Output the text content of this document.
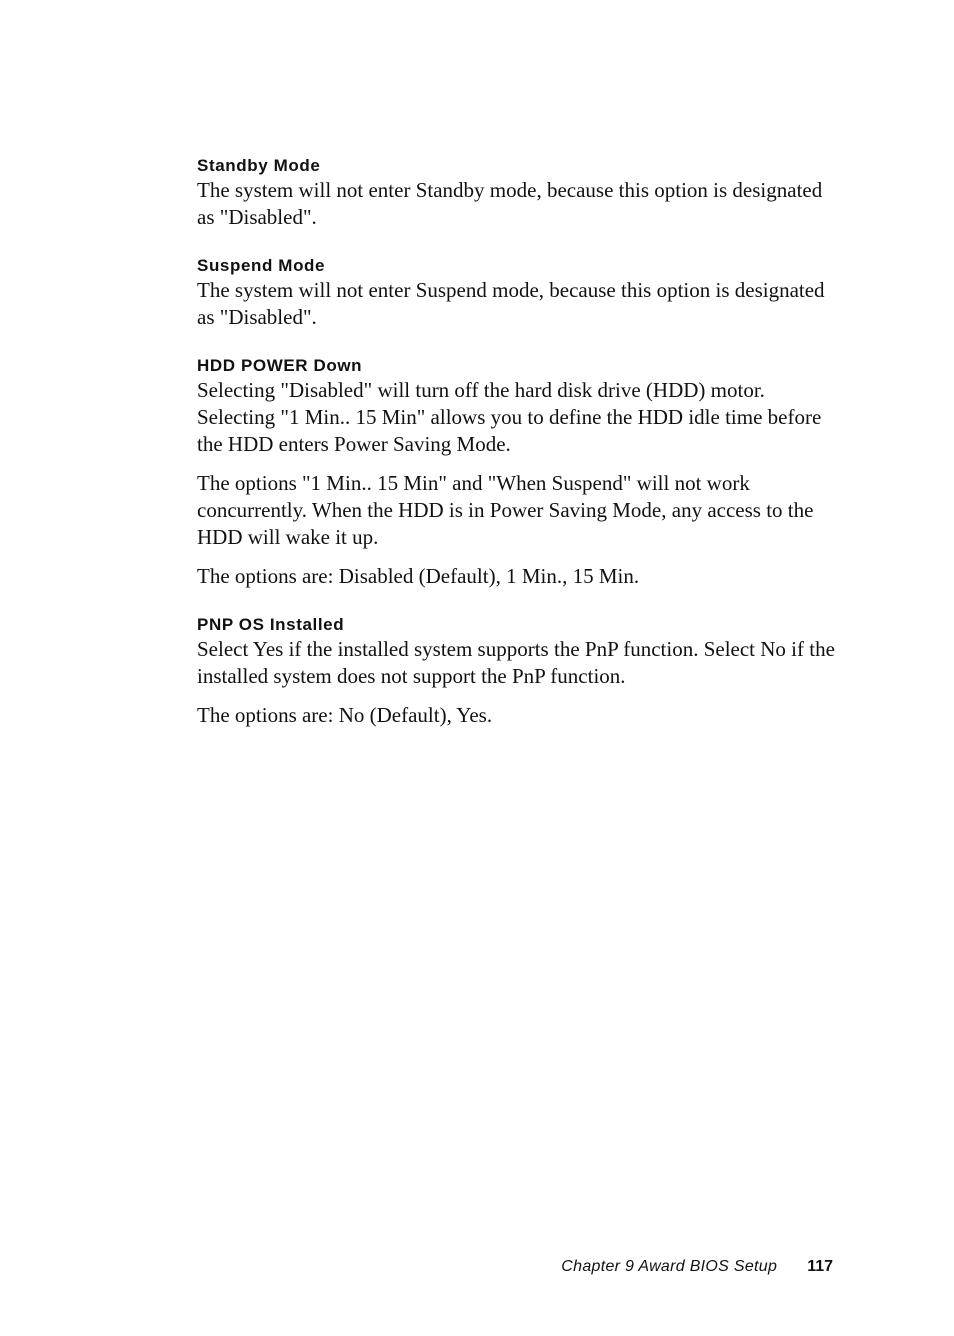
Standby Mode

The system will not enter Standby mode, because this option is designated as "Disabled".

Suspend Mode

The system will not enter Suspend mode, because this option is designated as "Disabled".

HDD POWER Down

Selecting "Disabled" will turn off the hard disk drive (HDD) motor. Selecting "1 Min.. 15 Min" allows you to define the HDD idle time before the HDD enters Power Saving Mode.

The options "1 Min.. 15 Min" and "When Suspend" will not work concurrently. When the HDD is in Power Saving Mode, any access to the HDD will wake it up.

The options are: Disabled (Default), 1 Min., 15 Min.

PNP OS Installed

Select Yes if the installed system supports the PnP function. Select No if the installed system does not support the PnP function.

The options are: No (Default), Yes.

Chapter 9 Award BIOS Setup 117
